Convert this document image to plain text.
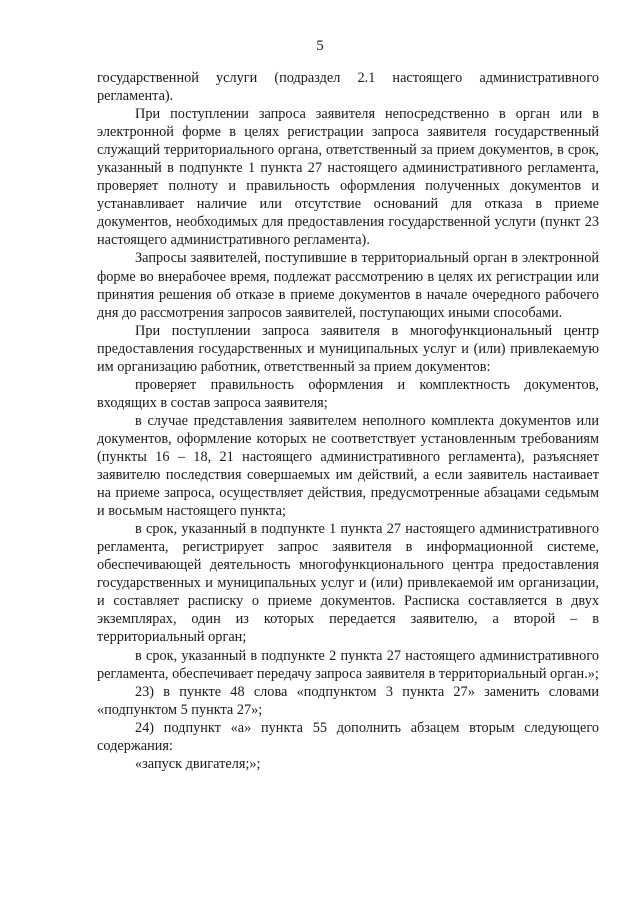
5

государственной услуги (подраздел 2.1 настоящего административного регламента).

При поступлении запроса заявителя непосредственно в орган или в электронной форме в целях регистрации запроса заявителя государственный служащий территориального органа, ответственный за прием документов, в срок, указанный в подпункте 1 пункта 27 настоящего административного регламента, проверяет полноту и правильность оформления полученных документов и устанавливает наличие или отсутствие оснований для отказа в приеме документов, необходимых для предоставления государственной услуги (пункт 23 настоящего административного регламента).

Запросы заявителей, поступившие в территориальный орган в электронной форме во внерабочее время, подлежат рассмотрению в целях их регистрации или принятия решения об отказе в приеме документов в начале очередного рабочего дня до рассмотрения запросов заявителей, поступающих иными способами.

При поступлении запроса заявителя в многофункциональный центр предоставления государственных и муниципальных услуг и (или) привлекаемую им организацию работник, ответственный за прием документов:

проверяет правильность оформления и комплектность документов, входящих в состав запроса заявителя;

в случае представления заявителем неполного комплекта документов или документов, оформление которых не соответствует установленным требованиям (пункты 16 – 18, 21 настоящего административного регламента), разъясняет заявителю последствия совершаемых им действий, а если заявитель настаивает на приеме запроса, осуществляет действия, предусмотренные абзацами седьмым и восьмым настоящего пункта;

в срок, указанный в подпункте 1 пункта 27 настоящего административного регламента, регистрирует запрос заявителя в информационной системе, обеспечивающей деятельность многофункционального центра предоставления государственных и муниципальных услуг и (или) привлекаемой им организации, и составляет расписку о приеме документов. Расписка составляется в двух экземплярах, один из которых передается заявителю, а второй – в территориальный орган;

в срок, указанный в подпункте 2 пункта 27 настоящего административного регламента, обеспечивает передачу запроса заявителя в территориальный орган.»;

23) в пункте 48 слова «подпунктом 3 пункта 27» заменить словами «подпунктом 5 пункта 27»;

24) подпункт «а» пункта 55 дополнить абзацем вторым следующего содержания:

«запуск двигателя;»;
